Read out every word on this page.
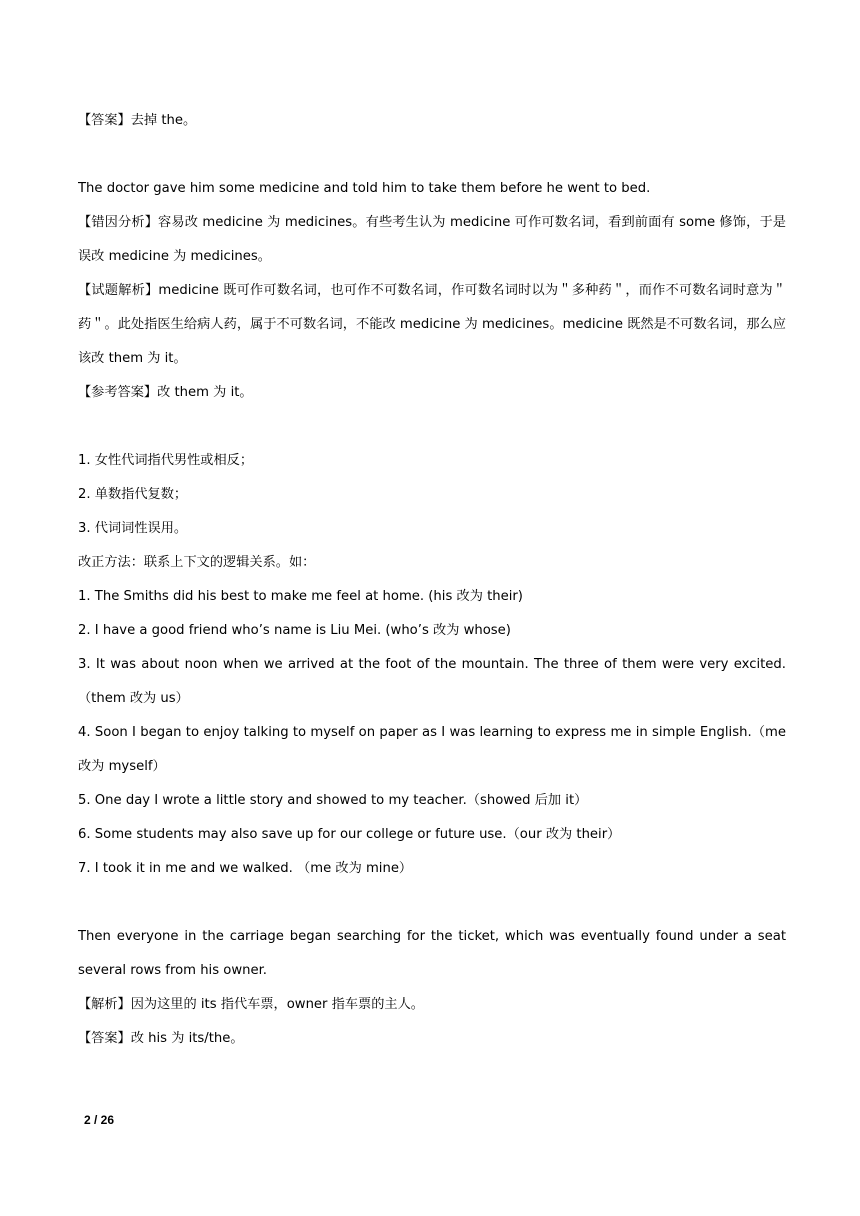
【答案】去掉 the。
The doctor gave him some medicine and told him to take them before he went to bed.
【错因分析】容易改 medicine 为 medicines。有些考生认为 medicine 可作可数名词，看到前面有 some 修饰，于是误改 medicine 为 medicines。
【试题解析】medicine 既可作可数名词，也可作不可数名词，作可数名词时以为＂多种药＂，而作不可数名词时意为＂药＂。此处指医生给病人药，属于不可数名词，不能改 medicine 为 medicines。medicine 既然是不可数名词，那么应该改 them 为 it。
【参考答案】改 them 为 it。
1. 女性代词指代男性或相反；
2. 单数指代复数；
3. 代词词性误用。
改正方法：联系上下文的逻辑关系。如：
1. The Smiths did his best to make me feel at home. (his 改为 their)
2. I have a good friend who’s name is Liu Mei. (who’s 改为 whose)
3. It was about noon when we arrived at the foot of the mountain. The three of them were very excited.（them 改为 us）
4. Soon I began to enjoy talking to myself on paper as I was learning to express me in simple English.（me 改为 myself）
5. One day I wrote a little story and showed to my teacher.（showed 后加 it）
6. Some students may also save up for our college or future use.（our 改为 their）
7. I took it in me and we walked. （me 改为 mine）
Then everyone in the carriage began searching for the ticket, which was eventually found under a seat several rows from his owner.
【解析】因为这里的 its 指代车票，owner 指车票的主人。
【答案】改 his 为 its/the。
2 / 26
